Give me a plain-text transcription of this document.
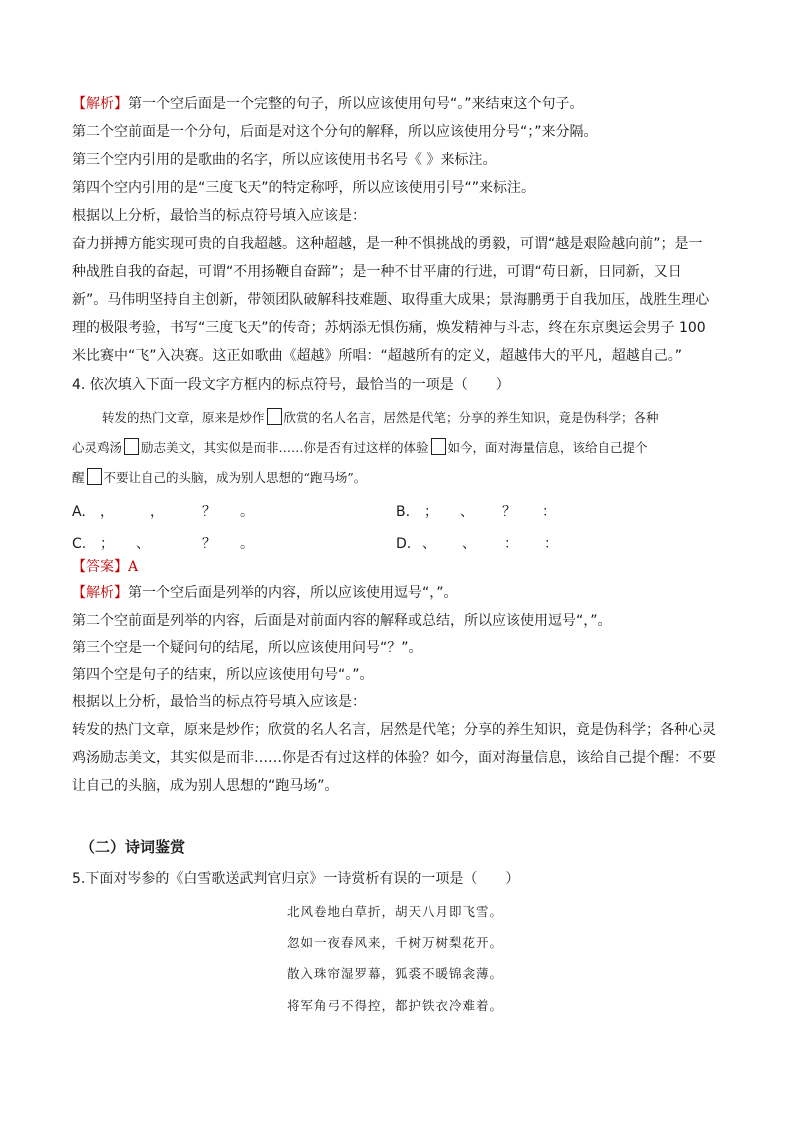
【解析】第一个空后面是一个完整的句子，所以应该使用句号“。”来结束这个句子。
第二个空前面是一个分句，后面是对这个分句的解释，所以应该使用分号“；”来分隔。
第三个空内引用的是歌曲的名字，所以应该使用书名号《 》来标注。
第四个空内引用的是“三度飞天”的特定称呼，所以应该使用引号“”来标注。
根据以上分析，最恰当的标点符号填入应该是：
奋力拼搏方能实现可贵的自我超越。这种超越，是一种不惧挑战的勇毅，可谓“越是艰险越向前”；是一
种战胜自我的奋起，可谓“不用扬鞭自奋蹄”；是一种不甘平庸的行进，可谓“苟日新，日同新，又日
新”。马伟明坚持自主创新，带领团队破解科技难题、取得重大成果；景海鹏勇于自我加压，战胜生理心
理的极限考验，书写“三度飞天”的传奇；苏炳添无惧伤痛，焕发精神与斗志，终在东京奥运会男子 100
米比赛中“飞”入决赛。这正如歌曲《超越》所唱：“超越所有的定义，超越伟大的平凡，超越自己。”
4. 依次填入下面一段文字方框内的标点符号，最恰当的一项是（　　）
转发的热门文章，原来是炒作 欣赏的名人名言，居然是代笔；分享的养生知识，竟是伪科学；各种
心灵鸡汤 励志美文，其实似是而非……你是否有过这样的体验 如今，面对海量信息，该给自己提个
醒 不要让自己的头脑，成为别人思想的“跑马场”。
A. ，	，	？ 。	B. ； 、 ？ ：
C. ； 、	？ 。	D. 、 、 ： ：
【答案】A
【解析】第一个空后面是列举的内容，所以应该使用逗号“，”。
第二个空前面是列举的内容，后面是对前面内容的解释或总结，所以应该使用逗号“，”。
第三个空是一个疑问句的结尾，所以应该使用问号“？”。
第四个空是句子的结束，所以应该使用句号“。”。
根据以上分析，最恰当的标点符号填入应该是：
转发的热门文章，原来是炒作；欣赏的名人名言，居然是代笔；分享的养生知识，竟是伪科学；各种心灵
鸡汤励志美文，其实似是而非……你是否有过这样的体验？如今，面对海量信息，该给自己提个醒：不要
让自己的头脑，成为别人思想的“跑马场”。
（二）诗词鉴赏
5.下面对岑参的《白雪歌送武判官归京》一诗赏析有误的一项是（　　）
北风卷地白草折，胡天八月即飞雪。
忽如一夜春风来，千树万树梨花开。
散入珠帘湿罗幕，狐裘不暖锦衾薄。
将军角弓不得控，都护铁衣冷难着。
